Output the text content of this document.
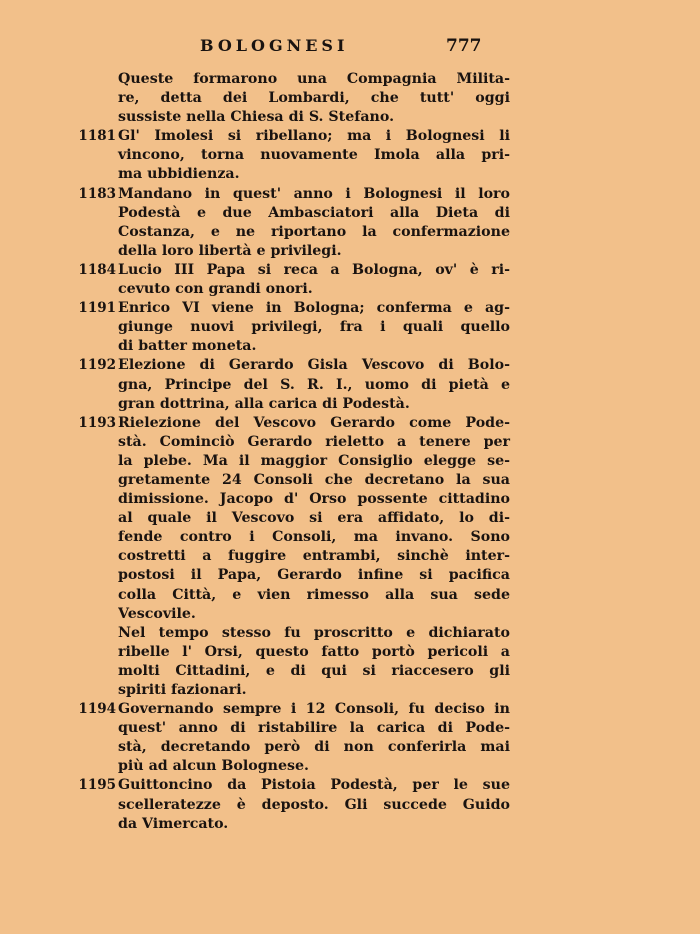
BOLOGNESI	777
Queste formarono una Compagnia Milita-
re, detta dei Lombardi, che tutt' oggi
sussiste nella Chiesa di S. Stefano.
1181 Gl' Imolesi si ribellano; ma i Bolognesi li
vincono, torna nuovamente Imola alla pri-
ma ubbidienza.
1183 Mandano in quest' anno i Bolognesi il loro
Podestà e due Ambasciatori alla Dieta di
Costanza, e ne riportano la confermazione
della loro libertà e privilegi.
1184 Lucio III Papa si reca a Bologna, ov' è ri-
cevuto con grandi onori.
1191 Enrico VI viene in Bologna; conferma e ag-
giunge nuovi privilegi, fra i quali quello
di batter moneta.
1192 Elezione di Gerardo Gisla Vescovo di Bolo-
gna, Principe del S. R. I., uomo di pietà e
gran dottrina, alla carica di Podestà.
1193 Rielezione del Vescovo Gerardo come Pode-
stà. Cominciò Gerardo rieletto a tenere per
la plebe. Ma il maggior Consiglio elegge se-
gretamente 24 Consoli che decretano la sua
dimissione. Jacopo d' Orso possente cittadino
al quale il Vescovo si era affidato, lo di-
fende contro i Consoli, ma invano. Sono
costretti a fuggire entrambi, sinchè inter-
postosi il Papa, Gerardo infine si pacifica
colla Città, e vien rimesso alla sua sede
Vescovile.
Nel tempo stesso fu proscritto e dichiarato
ribelle l' Orsi, questo fatto portò pericoli a
molti Cittadini, e di qui si riaccesero gli
spiriti fazionari.
1194 Governando sempre i 12 Consoli, fu deciso in
quest' anno di ristabilire la carica di Pode-
stà, decretando però di non conferirla mai
più ad alcun Bolognese.
1195 Guittoncino da Pistoia Podestà, per le sue
scelleratezze è deposto. Gli succede Guido
da Vimercato.
